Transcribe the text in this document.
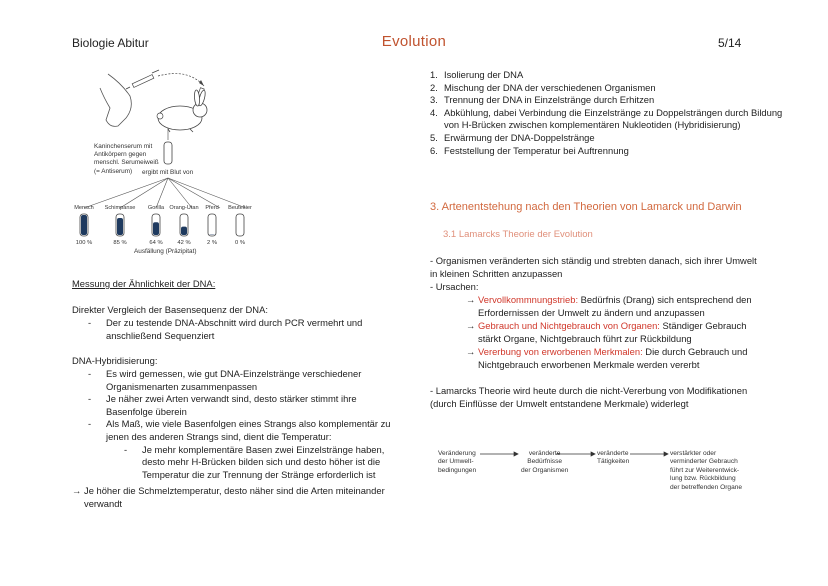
Biologie Abitur	Evolution	5/14
Kaninchenserum mit
Antikörpern gegen
menschl. Serumeiweiß
(= Antiserum)	ergibt mit Blut von
Mensch	Schimpanse	Gorilla Orang-Utan	Pferd	Beuteltier
100 %	85 %	64 %	42 %	2 %	0 %
Ausfällung (Präzipitat)
1. Isolierung der DNA
2. Mischung der DNA der verschiedenen Organismen
3. Trennung der DNA in Einzelstränge durch Erhitzen
4. Abkühlung, dabei Verbindung die Einzelstränge zu Doppelsträngen durch Bildung von H-Brücken zwischen komplementären Nukleotiden (Hybridisierung)
5. Erwärmung der DNA-Doppelstränge
6. Feststellung der Temperatur bei Auftrennung
Messung der Ähnlichkeit der DNA:
Direkter Vergleich der Basensequenz der DNA:
- Der zu testende DNA-Abschnitt wird durch PCR vermehrt und anschließend Sequenziert
DNA-Hybridisierung:
- Es wird gemessen, wie gut DNA-Einzelstränge verschiedener Organismenarten zusammenpassen
- Je näher zwei Arten verwandt sind, desto stärker stimmt ihre Basenfolge überein
- Als Maß, wie viele Basenfolgen eines Strangs also komplementär zu jenen des anderen Strangs sind, dient die Temperatur:
- Je mehr komplementäre Basen zwei Einzelstränge haben, desto mehr H-Brücken bilden sich und desto höher ist die Temperatur die zur Trennung der Stränge erforderlich ist
→ Je höher die Schmelztemperatur, desto näher sind die Arten miteinander verwandt
3. Artenentstehung nach den Theorien von Lamarck und Darwin
3.1 Lamarcks Theorie der Evolution
- Organismen veränderten sich ständig und strebten danach, sich ihrer Umwelt in kleinen Schritten anzupassen
- Ursachen:
→ Vervollkommnungstrieb: Bedürfnis (Drang) sich entsprechend den Erfordernissen der Umwelt zu ändern und anzupassen
→ Gebrauch und Nichtgebrauch von Organen: Ständiger Gebrauch stärkt Organe, Nichtgebrauch führt zur Rückbildung
→ Vererbung von erworbenen Merkmalen: Die durch Gebrauch und Nichtgebrauch erworbenen Merkmale werden vererbt
- Lamarcks Theorie wird heute durch die nicht-Vererbung von Modifikationen (durch Einflüsse der Umwelt entstandene Merkmale) widerlegt
Veränderung
der Umwelt-
bedingungen
veränderte
Bedürfnisse
der Organismen
veränderte
Tätigkeiten
verstärkter oder
verminderter Gebrauch
führt zur Weiterentwick-
lung bzw. Rückbildung
der betreffenden Organe
